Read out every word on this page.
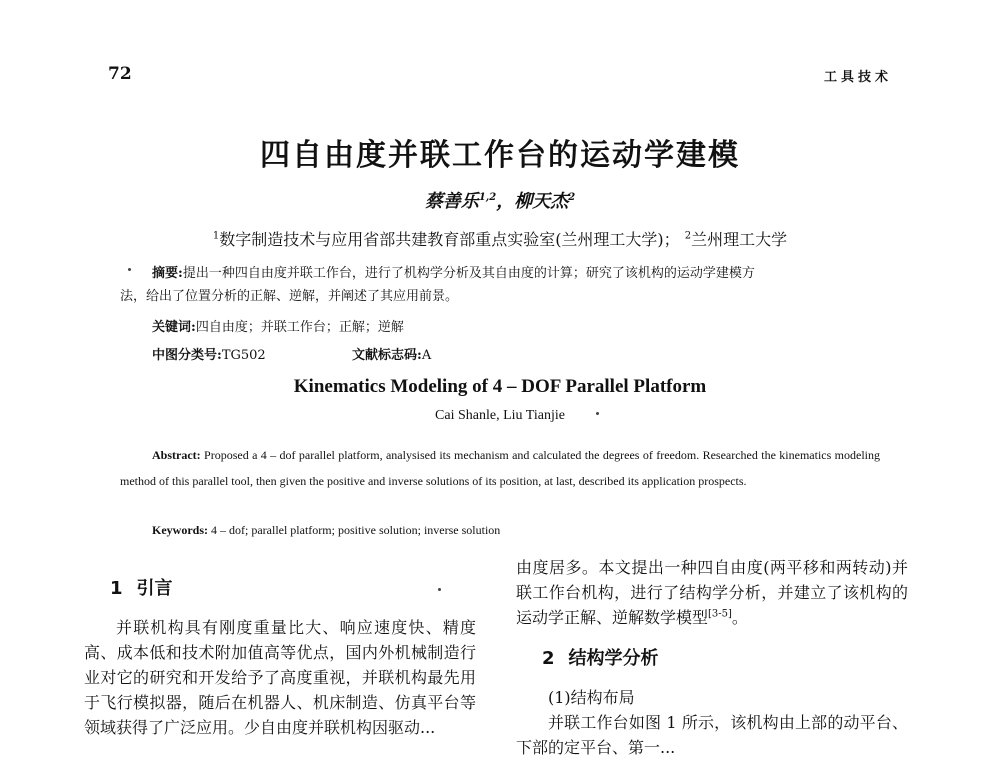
72	工具技术
四自由度并联工作台的运动学建模
蔡善乐$^{1,2}$，柳天杰$^2$
$^1$数字制造技术与应用省部共建教育部重点实验室(兰州理工大学)； $^2$兰州理工大学
摘要:提出一种四自由度并联工作台，进行了机构学分析及其自由度的计算；研究了该机构的运动学建模方
法，给出了位置分析的正解、逆解，并阐述了其应用前景。
关键词:四自由度；并联工作台；正解；逆解
中图分类号:TG502	文献标志码:A
Kinematics Modeling of 4 – DOF Parallel Platform
Cai Shanle, Liu Tianjie
Abstract: Proposed a 4 – dof parallel platform, analysised its mechanism and calculated the degrees of freedom. Researched the kinematics modeling method of this parallel tool, then given the positive and inverse solutions of its position, at last, described its application prospects.
Keywords: 4 – dof; parallel platform; positive solution; inverse solution
1 引言

并联机构具有刚度重量比大、响应速度快、精度高、成本低和技术附加值高等优点，国内外机械制造行业对它的研究和开发给予了高度重视，并联机构最先用于飞行模拟器，随后在机器人、机床制造、仿真平台等领域获得了广泛应用。少自由度并联机构因驱动...

由度居多。本文提出一种四自由度(两平移和两转动)并联工作台机构，进行了结构学分析，并建立了该机构的运动学正解、逆解数学模型[3-5]。

2 结构学分析

(1)结构布局

并联工作台如图 1 所示，该机构由上部的动平台、下部的定平台、第一...
